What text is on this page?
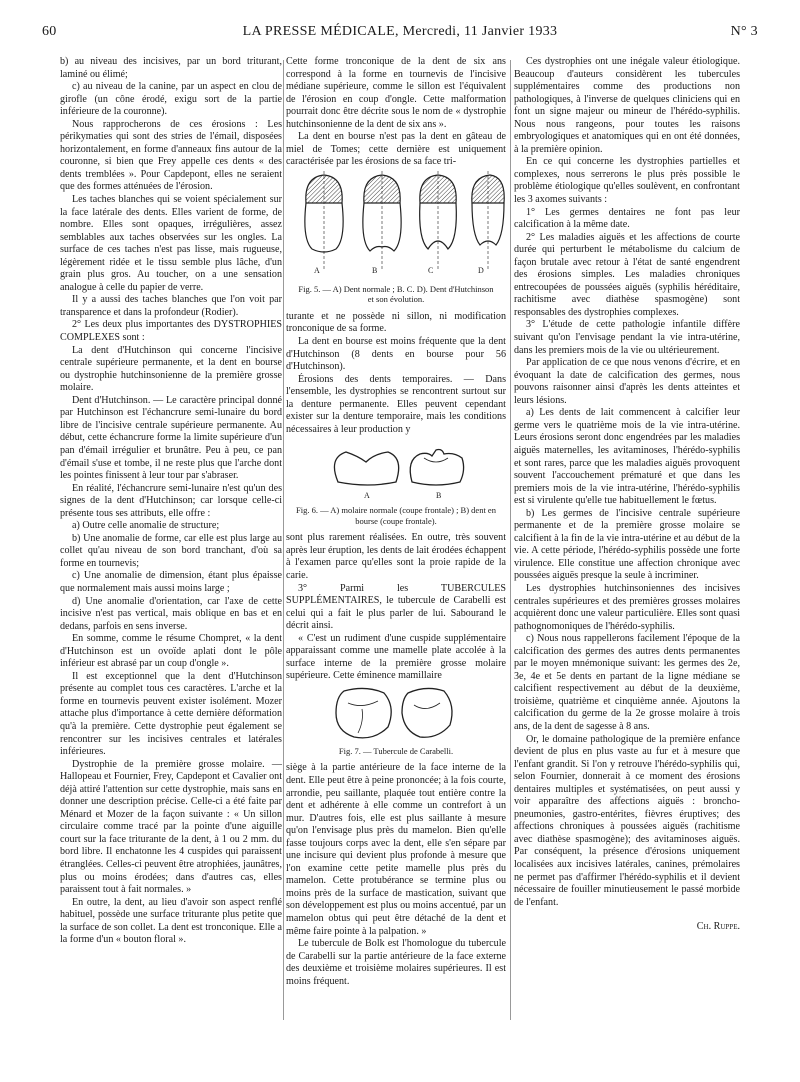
60	LA PRESSE MÉDICALE, Mercredi, 11 Janvier 1933	N° 3

b) au niveau des incisives, par un bord triturant, laminé ou élimé;

c) au niveau de la canine, par un aspect en clou de girofle (un cône érodé, exigu sort de la partie inférieure de la couronne).

Nous rapprocherons de ces érosions : Les périkymaties qui sont des stries de l'émail, disposées horizontalement, en forme d'anneaux fins autour de la couronne, si bien que Frey appelle ces dents « des dents tremblées ». Pour Capdepont, elles ne seraient que des formes atténuées de l'érosion.

Les taches blanches qui se voient spécialement sur la face latérale des dents. Elles varient de forme, de nombre. Elles sont opaques, irrégulières, assez semblables aux taches observées sur les ongles. La surface de ces taches n'est pas lisse, mais rugueuse, légèrement ridée et le tissu semble plus lâche, d'un grain plus gros. Au toucher, on a une sensation analogue à celle du papier de verre.

Il y a aussi des taches blanches que l'on voit par transparence et dans la profondeur (Rodier).

2° Les deux plus importantes des DYSTROPHIES COMPLEXES sont :

La dent d'Hutchinson qui concerne l'incisive centrale supérieure permanente, et la dent en bourse ou dystrophie hutchinsonienne de la première grosse molaire.

Dent d'Hutchinson. — Le caractère principal donné par Hutchinson est l'échancrure semi-lunaire du bord libre de l'incisive centrale supérieure permanente. Au début, cette échancrure forme la limite supérieure d'un pan d'émail irrégulier et brunâtre. Peu à peu, ce pan d'émail s'use et tombe, il ne reste plus que l'arche dont les pointes finissent à leur tour par s'abraser.

En réalité, l'échancrure semi-lunaire n'est qu'un des signes de la dent d'Hutchinson; car lorsque celle-ci présente tous ses attributs, elle offre :

a) Outre celle anomalie de structure;

b) Une anomalie de forme, car elle est plus large au collet qu'au niveau de son bord tranchant, d'où sa forme en tournevis;

c) Une anomalie de dimension, étant plus épaisse que normalement mais aussi moins large ;

d) Une anomalie d'orientation, car l'axe de cette incisive n'est pas vertical, mais oblique en bas et en dedans, parfois en sens inverse.

En somme, comme le résume Chompret, « la dent d'Hutchinson est un ovoïde aplati dont le pôle inférieur est abrasé par un coup d'ongle ».

Il est exceptionnel que la dent d'Hutchinson présente au complet tous ces caractères. L'arche et la forme en tournevis peuvent exister isolément. Mozer attache plus d'importance à cette dernière déformation qu'à la première. Cette dystrophie peut également se rencontrer sur les incisives centrales et latérales inférieures.

Dystrophie de la première grosse molaire. — Hallopeau et Fournier, Frey, Capdepont et Cavalier ont déjà attiré l'attention sur cette dystrophie, mais sans en donner une description précise. Celle-ci a été faite par Ménard et Mozer de la façon suivante : « Un sillon circulaire comme tracé par la pointe d'une aiguille court sur la face triturante de la dent, à 1 ou 2 mm. du bord libre. Il enchatonne les 4 cuspides qui paraissent étranglées. Celles-ci peuvent être atrophiées, jaunâtres, plus ou moins érodées; dans d'autres cas, elles paraissent tout à fait normales. »

En outre, la dent, au lieu d'avoir son aspect renflé habituel, possède une surface triturante plus petite que la surface de son collet. La dent est tronconique. Elle a la forme d'un « bouton floral ».

Cette forme tronconique de la dent de six ans correspond à la forme en tournevis de l'incisive médiane supérieure, comme le sillon est l'équivalent de l'érosion en coup d'ongle. Cette malformation pourrait donc être décrite sous le nom de « dystrophie hutchinsonienne de la dent de six ans ».

La dent en bourse n'est pas la dent en gâteau de miel de Tomes; cette dernière est uniquement caractérisée par les érosions de sa face tri-

A	B	C	D
Fig. 5. — A) Dent normale ; B. C. D). Dent d'Hutchinson et son évolution.

turante et ne possède ni sillon, ni modification tronconique de sa forme.

La dent en bourse est moins fréquente que la dent d'Hutchinson (8 dents en bourse pour 56 d'Hutchinson).

Érosions des dents temporaires. — Dans l'ensemble, les dystrophies se rencontrent surtout sur la denture permanente. Elles peuvent cependant exister sur la denture temporaire, mais les conditions nécessaires à leur production y

A	B
Fig. 6. — A) molaire normale (coupe frontale) ; B) dent en bourse (coupe frontale).

sont plus rarement réalisées. En outre, très souvent après leur éruption, les dents de lait érodées échappent à l'examen parce qu'elles sont la proie rapide de la carie.

3° Parmi les TUBERCULES SUPPLÉMENTAIRES, le tubercule de Carabelli est celui qui a fait le plus parler de lui. Sabourand le décrit ainsi.

« C'est un rudiment d'une cuspide supplémentaire apparaissant comme une mamelle plate accolée à la surface interne de la première grosse molaire supérieure. Cette éminence mamillaire

Fig. 7. — Tubercule de Carabelli.

siège à la partie antérieure de la face interne de la dent. Elle peut être à peine prononcée; à la fois courte, arrondie, peu saillante, plaquée tout entière contre la dent et adhérente à elle comme un contrefort à un mur. D'autres fois, elle est plus saillante à mesure qu'on l'envisage plus près du mamelon. Bien qu'elle fasse toujours corps avec la dent, elle s'en sépare par une incisure qui devient plus profonde à mesure que l'on examine cette petite mamelle plus près du mamelon. Cette protubérance se termine plus ou moins près de la surface de mastication, suivant que son développement est plus ou moins accentué, par un mamelon obtus qui peut être détaché de la dent et même faire pointe à la palpation. »

Le tubercule de Bolk est l'homologue du tubercule de Carabelli sur la partie antérieure de la face externe des deuxième et troisième molaires supérieures. Il est moins fréquent.

Ces dystrophies ont une inégale valeur étiologique. Beaucoup d'auteurs considèrent les tubercules supplémentaires comme des productions non pathologiques, à l'inverse de quelques cliniciens qui en font un signe majeur ou mineur de l'hérédo-syphilis. Nous nous rangeons, pour toutes les raisons embryologiques et anatomiques qui en ont été données, à la première opinion.

En ce qui concerne les dystrophies partielles et complexes, nous serrerons le plus près possible le problème étiologique qu'elles soulèvent, en confrontant les 3 axomes suivants :

1° Les germes dentaires ne font pas leur calcification à la même date.

2° Les maladies aiguës et les affections de courte durée qui perturbent le métabolisme du calcium de façon brutale avec retour à l'état de santé engendrent des érosions simples. Les maladies chroniques entrecoupées de poussées aiguës (syphilis héréditaire, rachitisme avec diathèse spasmogène) sont responsables des dystrophies complexes.

3° L'étude de cette pathologie infantile diffère suivant qu'on l'envisage pendant la vie intra-utérine, dans les premiers mois de la vie ou ultérieurement.

Par application de ce que nous venons d'écrire, et en évoquant la date de calcification des germes, nous pouvons raisonner ainsi d'après les dents atteintes et leurs lésions.

a) Les dents de lait commencent à calcifier leur germe vers le quatrième mois de la vie intra-utérine. Leurs érosions seront donc engendrées par les maladies aiguës maternelles, les avitaminoses, l'hérédo-syphilis et sont rares, parce que les maladies aiguës provoquent souvent l'accouchement prématuré et que dans les premiers mois de la vie intra-utérine, l'hérédo-syphilis est si virulente qu'elle tue habituellement le fœtus.

b) Les germes de l'incisive centrale supérieure permanente et de la première grosse molaire se calcifient à la fin de la vie intra-utérine et au début de la vie. A cette période, l'hérédo-syphilis possède une forte virulence. Elle constitue une affection chronique avec poussées aiguës presque la seule à incriminer.

Les dystrophies hutchinsoniennes des incisives centrales supérieures et des premières grosses molaires acquièrent donc une valeur particulière. Elles sont quasi pathognomoniques de l'hérédo-syphilis.

c) Nous nous rappellerons facilement l'époque de la calcification des germes des autres dents permanentes par le moyen mnémonique suivant: les germes des 2e, 3e, 4e et 5e dents en partant de la ligne médiane se calcifient respectivement au début de la deuxième, troisième, quatrième et cinquième année. Ajoutons la calcification du germe de la 2e grosse molaire à trois ans, de la dent de sagesse à 8 ans.

Or, le domaine pathologique de la première enfance devient de plus en plus vaste au fur et à mesure que l'enfant grandit. Si l'on y retrouve l'hérédo-syphilis qui, selon Fournier, donnerait à ce moment des érosions dentaires multiples et systématisées, on peut aussi y voir apparaître des affections aiguës : broncho-pneumonies, gastro-entérites, fièvres éruptives; des affections chroniques à poussées aiguës (rachitisme avec diathèse spasmogène); des avitaminoses aiguës. Par conséquent, la présence d'érosions uniquement localisées aux incisives latérales, canines, prémolaires ne permet pas d'affirmer l'hérédo-syphilis et il devient nécessaire de fouiller minutieusement le passé morbide de l'enfant.

Ch. Ruppe.
